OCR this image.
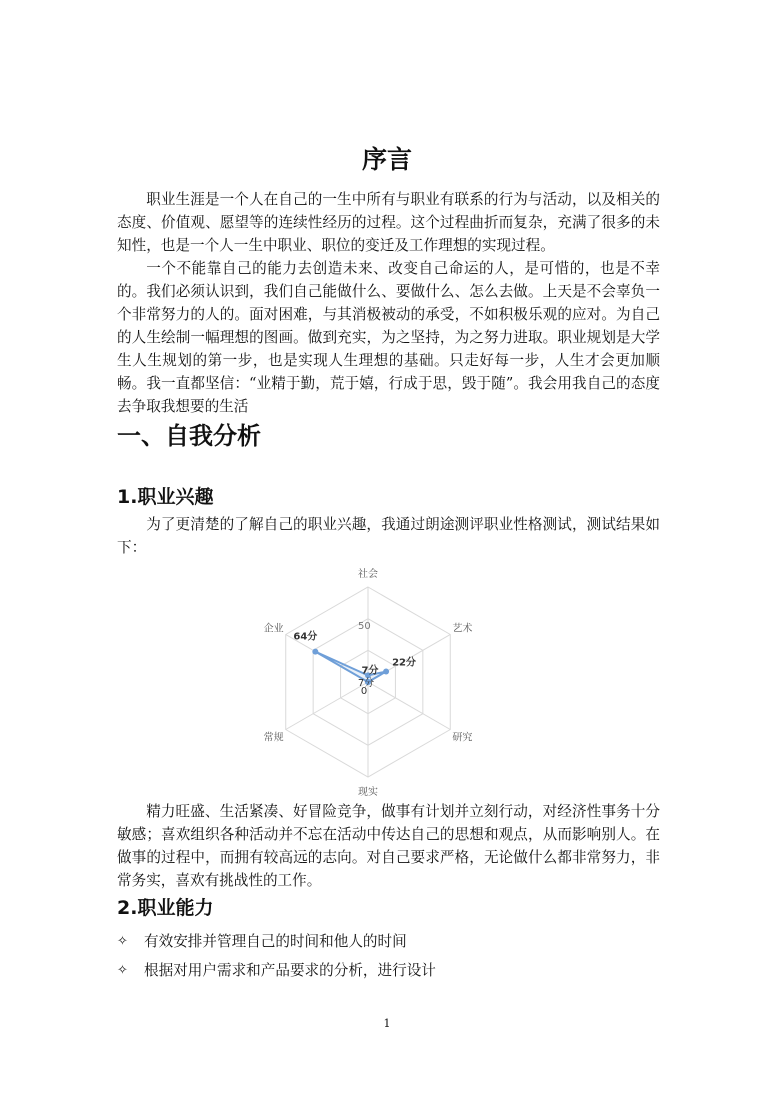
序言

职业生涯是一个人在自己的一生中所有与职业有联系的行为与活动，以及相关的态度、价值观、愿望等的连续性经历的过程。这个过程曲折而复杂，充满了很多的未知性，也是一个人一生中职业、职位的变迁及工作理想的实现过程。

一个不能靠自己的能力去创造未来、改变自己命运的人，是可惜的，也是不幸的。我们必须认识到，我们自己能做什么、要做什么、怎么去做。上天是不会辜负一个非常努力的人的。面对困难，与其消极被动的承受，不如积极乐观的应对。为自己的人生绘制一幅理想的图画。做到充实，为之坚持，为之努力进取。职业规划是大学生人生规划的第一步，也是实现人生理想的基础。只走好每一步，人生才会更加顺畅。我一直都坚信：“业精于勤，荒于嬉，行成于思，毁于随”。我会用我自己的态度去争取我想要的生活

一、自我分析
1.职业兴趣

为了更清楚的了解自己的职业兴趣，我通过朗途测评职业性格测试，测试结果如下：

社会
艺术
研究
现实
常规
企业	50
7分
22分
64分
0
7分

精力旺盛、生活紧凑、好冒险竞争，做事有计划并立刻行动，对经济性事务十分敏感；喜欢组织各种活动并不忘在活动中传达自己的思想和观点，从而影响别人。在做事的过程中，而拥有较高远的志向。对自己要求严格，无论做什么都非常努力，非常务实，喜欢有挑战性的工作。

2.职业能力
✧	有效安排并管理自己的时间和他人的时间
✧	根据对用户需求和产品要求的分析，进行设计
1
